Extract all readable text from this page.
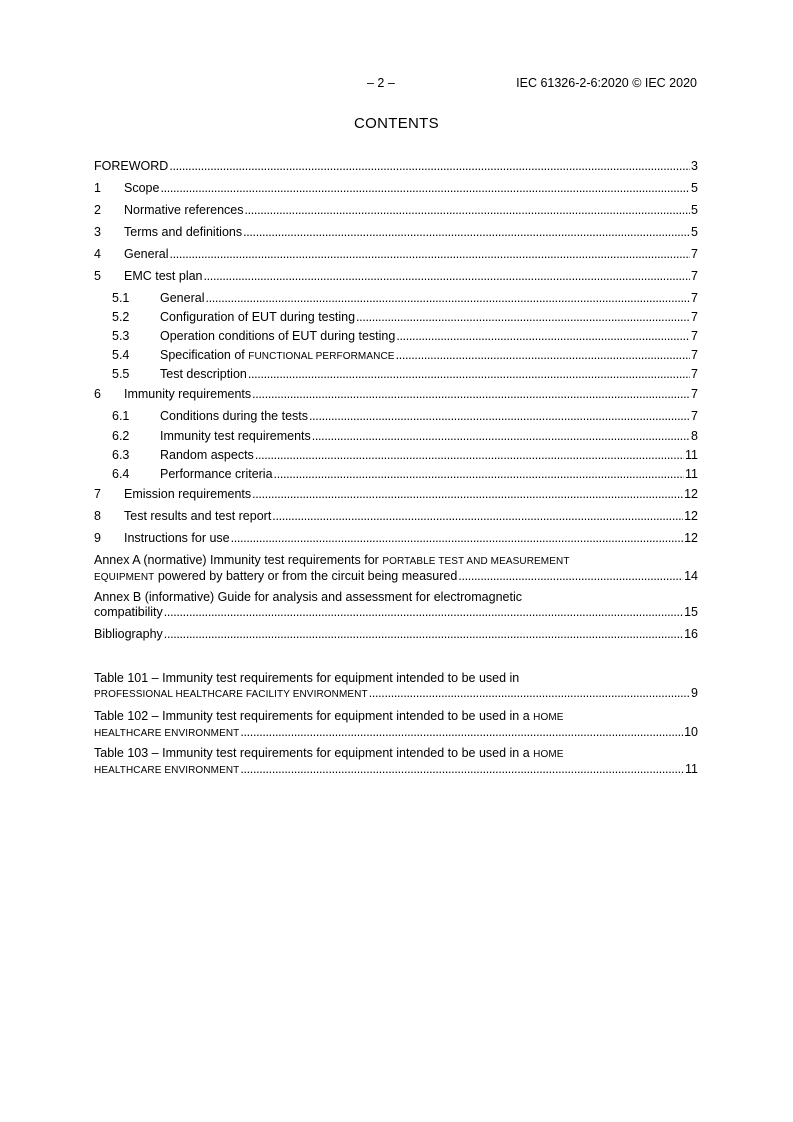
– 2 –	IEC 61326-2-6:2020 © IEC 2020
CONTENTS
FOREWORD . . .	3
1	Scope . . .	5
2	Normative references . . .	5
3	Terms and definitions . . .	5
4	General . . .	7
5	EMC test plan . . .	7
5.1	General . . .	7
5.2	Configuration of EUT during testing . . .	7
5.3	Operation conditions of EUT during testing . . .	7
5.4	Specification of FUNCTIONAL PERFORMANCE . . .	7
5.5	Test description . . .	7
6	Immunity requirements . . .	7
6.1	Conditions during the tests . . .	7
6.2	Immunity test requirements . . .	8
6.3	Random aspects . . .	11
6.4	Performance criteria . . .	11
7	Emission requirements . . .	12
8	Test results and test report . . .	12
9	Instructions for use . . .	12
Annex A (normative) Immunity test requirements for PORTABLE TEST AND MEASUREMENT
EQUIPMENT powered by battery or from the circuit being measured . . .	14
Annex B (informative) Guide for analysis and assessment for electromagnetic
compatibility . . .	15
Bibliography . . .	16
Table 101 – Immunity test requirements for equipment intended to be used in
PROFESSIONAL HEALTHCARE FACILITY ENVIRONMENT . . .	9
Table 102 – Immunity test requirements for equipment intended to be used in a HOME
HEALTHCARE ENVIRONMENT . . .	10
Table 103 – Immunity test requirements for equipment intended to be used in a HOME
HEALTHCARE ENVIRONMENT . . .	11
